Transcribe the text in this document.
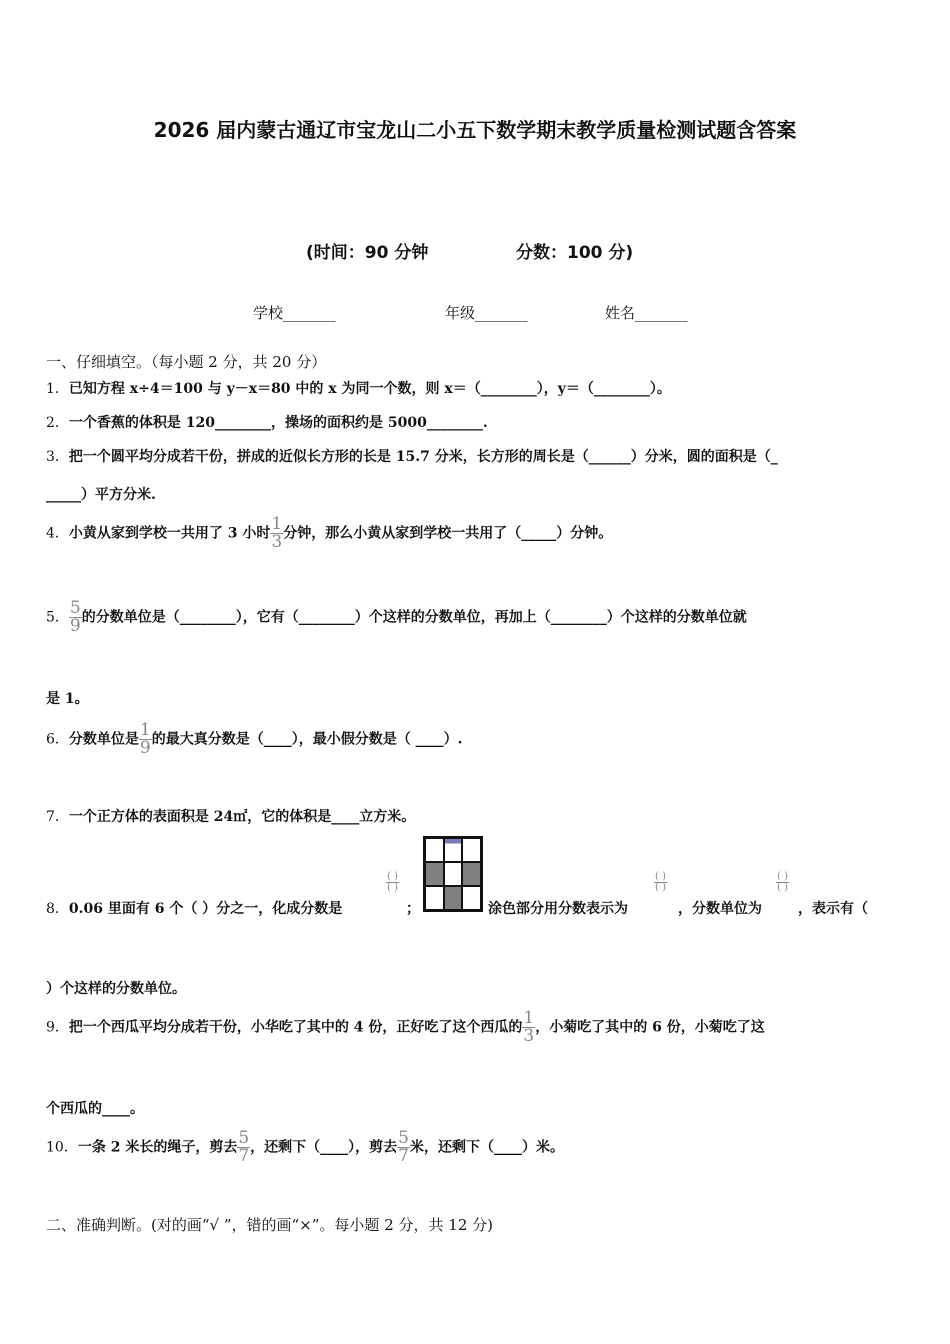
2026 届内蒙古通辽市宝龙山二小五下数学期末教学质量检测试题含答案
(时间：90 分钟	分数：100 分)
学校_______	年级_______	姓名_______
一、仔细填空。（每小题 2 分，共 20 分）
1．已知方程 x÷4＝100 与 y－x＝80 中的 x 为同一个数，则 x＝（________），y＝（________）。
2．一个香蕉的体积是 120________，操场的面积约是 5000________.
3．把一个圆平均分成若干份，拼成的近似长方形的长是 15.7 分米，长方形的周长是（______）分米，圆的面积是（_
_____）平方分米.
4．小黄从家到学校一共用了 3 小时 $\frac{1}{3}$ 分钟，那么小黄从家到学校一共用了（_____）分钟。
5． $\frac{5}{9}$ 的分数单位是（________），它有（________）个这样的分数单位，再加上（________）个这样的分数单位就
是 1。
6．分数单位是 $\frac{1}{9}$ 的最大真分数是（____），最小假分数是（ ____）.
7．一个正方体的表面积是 24㎡，它的体积是____立方米。
8．0.06 里面有 6 个（ ）分之一，化成分数是
$\frac{( )}{( )}$
；	涂色部分用分数表示为
$\frac{( )}{( )}$
，分数单位为
$\frac{( )}{( )}$
，表示有（
）个这样的分数单位。
9．把一个西瓜平均分成若干份，小华吃了其中的 4 份，正好吃了这个西瓜的 $\frac{1}{3}$ ，小菊吃了其中的 6 份，小菊吃了这
个西瓜的____。
10．一条 2 米长的绳子，剪去 $\frac{5}{7}$ ，还剩下（____），剪去 $\frac{5}{7}$ 米，还剩下（____）米。
二、准确判断。(对的画“√ ”，错的画“×”。每小题 2 分，共 12 分)
